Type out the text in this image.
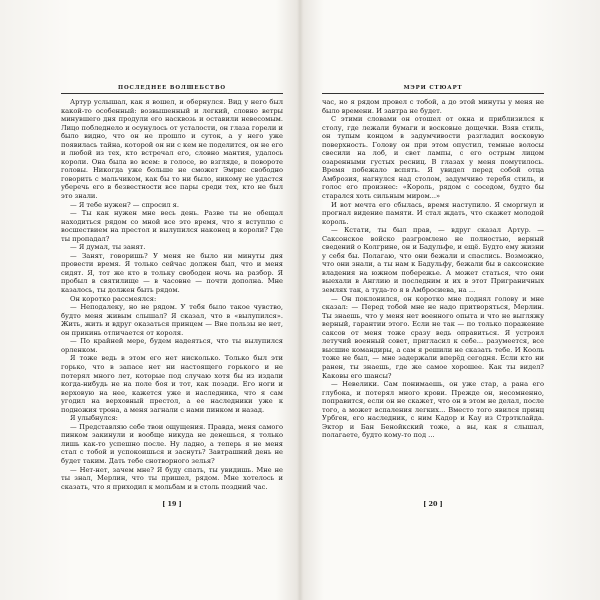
ПОСЛЕДНЕЕ ВОЛШЕБСТВО

Артур услышал, как я вошел, и обернулся. Вид у него был какой-то особенный: возвышенный и легкий, словно ветры минувшего дня продули его насквозь и оставили невесомым. Лицо побледнело и осунулось от усталости, он глаза горели и было видно, что он не прошло и суток, а у него уже появилась тайна, которой он ни с кем не поделится, он не его и любой из тех, кто встречал его, словно мантия, удалось короли. Она была во всем: в голосе, во взгляде, в повороте головы. Никогда уже больше не сможет Эмрис свободно говорить с мальчиком, как бы то ни было, никому не удастся уберечь его в безвестности все пары среди тех, кто не был это знали.

— Я тебе нужен? — спросил я.

— Ты как нужен мне весь день. Разве ты не обещал находиться рядом со мной все это время, что я вступлю с восшествием на престол и вылупился наконец в короли? Где ты пропадал?

— Я думал, ты занят.

— Занят, говоришь? У меня не было ни минуты дня провести время. Я только сейчас должен был, что и меня сидят. Я, тот же кто в тольку свободен ночь на разбор. Я пробыл в святилище — в часовне — почти дополна. Мне казалось, ты должен быть рядом.

Он коротко рассмеялся:

— Неподалеку, но не рядом. У тебя было такое чувство, будто меня живым слышал? Я сказал, что в «вылупился». Жить, жить и вдруг оказаться принцем — Вне пользы не нет, он прикинь отличается от короля.

— По крайней мере, будем надеяться, что ты вылупился орленком.

Я тоже ведь в этом его нет нисколько. Только был эти горько, что в запасе нет ни настоящего горького и не потерял много лет, которые под случаю хотя бы из издали когда-нибудь не на поле боя и тот, как позади. Его ноги и верховую на нее, кажется уже и наследника, что я сам угодил на верховный престол, а ее наследники уже к подножия трона, а меня загнали с нами пинком и назад.

Я улыбнулся:

— Представляю себе твои ощущения. Правда, меня самого пинком закинули и вообще никуда не денешься, я только лишь как-то успешно после. Ну ладно, а теперь я не меня стал с тобой и успокоишься и заснуть? Завтрашний день не будет таким. Дать тебе снотворного зелья?

— Нет-нет, зачем мне? Я буду спать, ты увидишь. Мне не ты знал, Мерлин, что ты пришел, рядом. Мне хотелось и сказать, что я приходил к мольбам и в столь поздний час.

[ 19 ]
МЭРИ СТЮАРТ

час, но я рядом провел с тобой, а до этой минуты у меня не было времени. И завтра не будет.

С этими словами он отошел от окна и приблизился к столу, где лежали бумаги и восковые дощечки. Взяв стиль, он тупым концом в задумчивости разгладил восковую поверхность. Голову он при этом опустил, темные волосы свесили на лоб, и свет лампы, с его острым лицом озаренными густых ресниц. В глазах у меня помутилось. Время побежало вспять. Я увидел перед собой отца Амброзия, нагнулся над столом, задумчиво теребя стиль, и голос его произнес: «Король, рядом с соседом, будто бы старался хоть сильным миром...»

И вот мечта его сбылась, время наступило. Я сморгнул и прогнал видение памяти. И стал ждать, что скажет молодой король.

— Кстати, ты был прав, — вдруг сказал Артур. — Саксонское войско разгромлено не полностью, верный сведений о Колгрине, он и Бадульфе, и ещё. Будто ему жизни у себя бы. Полагаю, что они бежали и спаслись. Возможно, что они знали, а ты нам к Бадульфу, бежали бы в саксонские владения на южном побережье. А может статься, что они выехали в Англию и последним и их в этот Приграничных землях так, а туда-то я в Амбросиева, на ...

— Он поклонился, он коротко мне поднял голову и мне сказал: — Перед тобой мне не надо притворяться, Мерлин. Ты знаешь, что у меня нет военного опыта и что не выгляжу верный, гарантии этого. Если не так — по только поражение саксов от меня тоже сразу ведь оправиться. Я устроил летучий военный совет, пригласил к себе... разумеется, все высшие командиры, а сам я решили не сказать тебе. И Кооль тоже не был, — мне задержали вперёд сегодня. Если кто ни ранен, ты знаешь, где же самое хорошее. Как ты видел? Каковы его шансы?

— Невелики. Сам понимаешь, он уже стар, а рана его глубока, и потерял много крови. Прежде он, несомненно, поправится, если он не скажет, что он в этом не делал, после того, а может вспаления легких... Вместо того явился принц Урбген, его наследник, с ним Кадор и Кау из Стрэтклайда. Эктор и Бан Бенойкский тоже, а вы, как я слышал, полагаете, будто кому-то под ...

[ 20 ]
